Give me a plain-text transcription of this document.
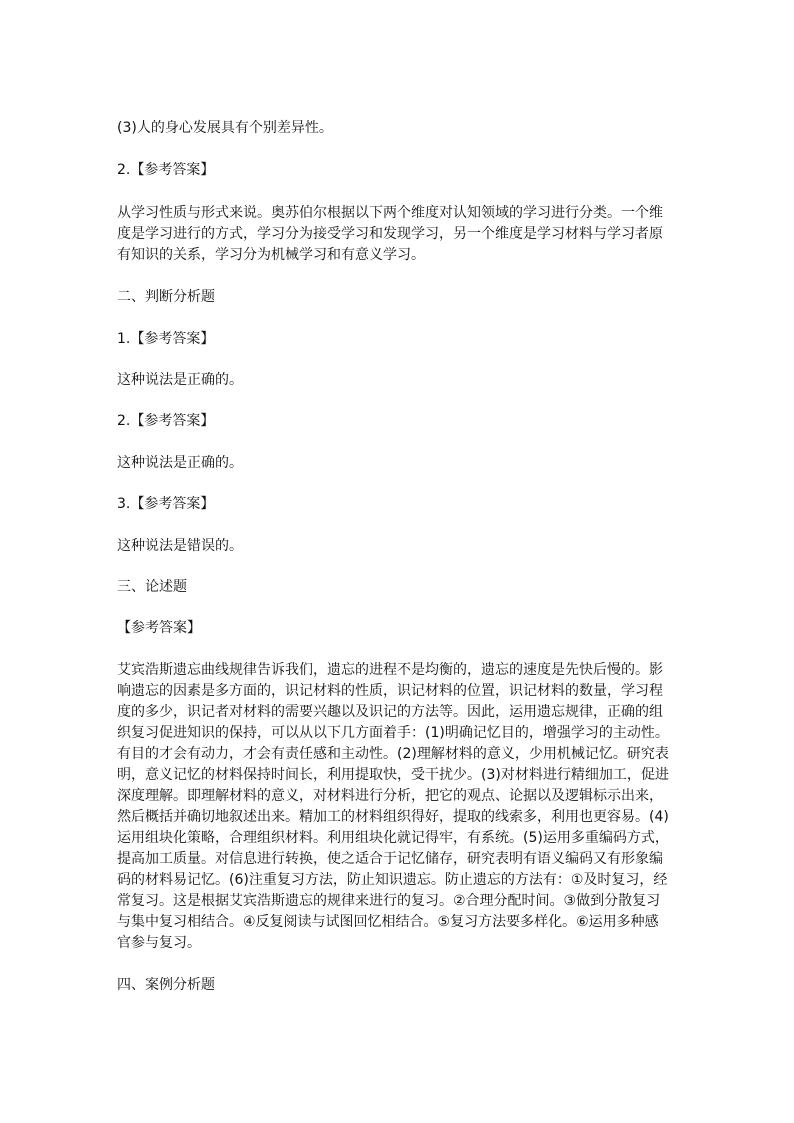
(3)人的身心发展具有个别差异性。
2.【参考答案】
从学习性质与形式来说。奥苏伯尔根据以下两个维度对认知领域的学习进行分类。一个维
度是学习进行的方式，学习分为接受学习和发现学习，另一个维度是学习材料与学习者原
有知识的关系，学习分为机械学习和有意义学习。
二、判断分析题
1.【参考答案】
这种说法是正确的。
2.【参考答案】
这种说法是正确的。
3.【参考答案】
这种说法是错误的。
三、论述题
【参考答案】
艾宾浩斯遗忘曲线规律告诉我们，遗忘的进程不是均衡的，遗忘的速度是先快后慢的。影
响遗忘的因素是多方面的，识记材料的性质，识记材料的位置，识记材料的数量，学习程
度的多少，识记者对材料的需要兴趣以及识记的方法等。因此，运用遗忘规律，正确的组
织复习促进知识的保持，可以从以下几方面着手：(1)明确记忆目的，增强学习的主动性。
有目的才会有动力，才会有责任感和主动性。(2)理解材料的意义，少用机械记忆。研究表
明，意义记忆的材料保持时间长，利用提取快，受干扰少。(3)对材料进行精细加工，促进
深度理解。即理解材料的意义，对材料进行分析，把它的观点、论据以及逻辑标示出来，
然后概括并确切地叙述出来。精加工的材料组织得好，提取的线索多，利用也更容易。(4)
运用组块化策略，合理组织材料。利用组块化就记得牢，有系统。(5)运用多重编码方式，
提高加工质量。对信息进行转换，使之适合于记忆储存，研究表明有语义编码又有形象编
码的材料易记忆。(6)注重复习方法，防止知识遗忘。防止遗忘的方法有：①及时复习，经
常复习。这是根据艾宾浩斯遗忘的规律来进行的复习。②合理分配时间。③做到分散复习
与集中复习相结合。④反复阅读与试图回忆相结合。⑤复习方法要多样化。⑥运用多种感
官参与复习。
四、案例分析题
